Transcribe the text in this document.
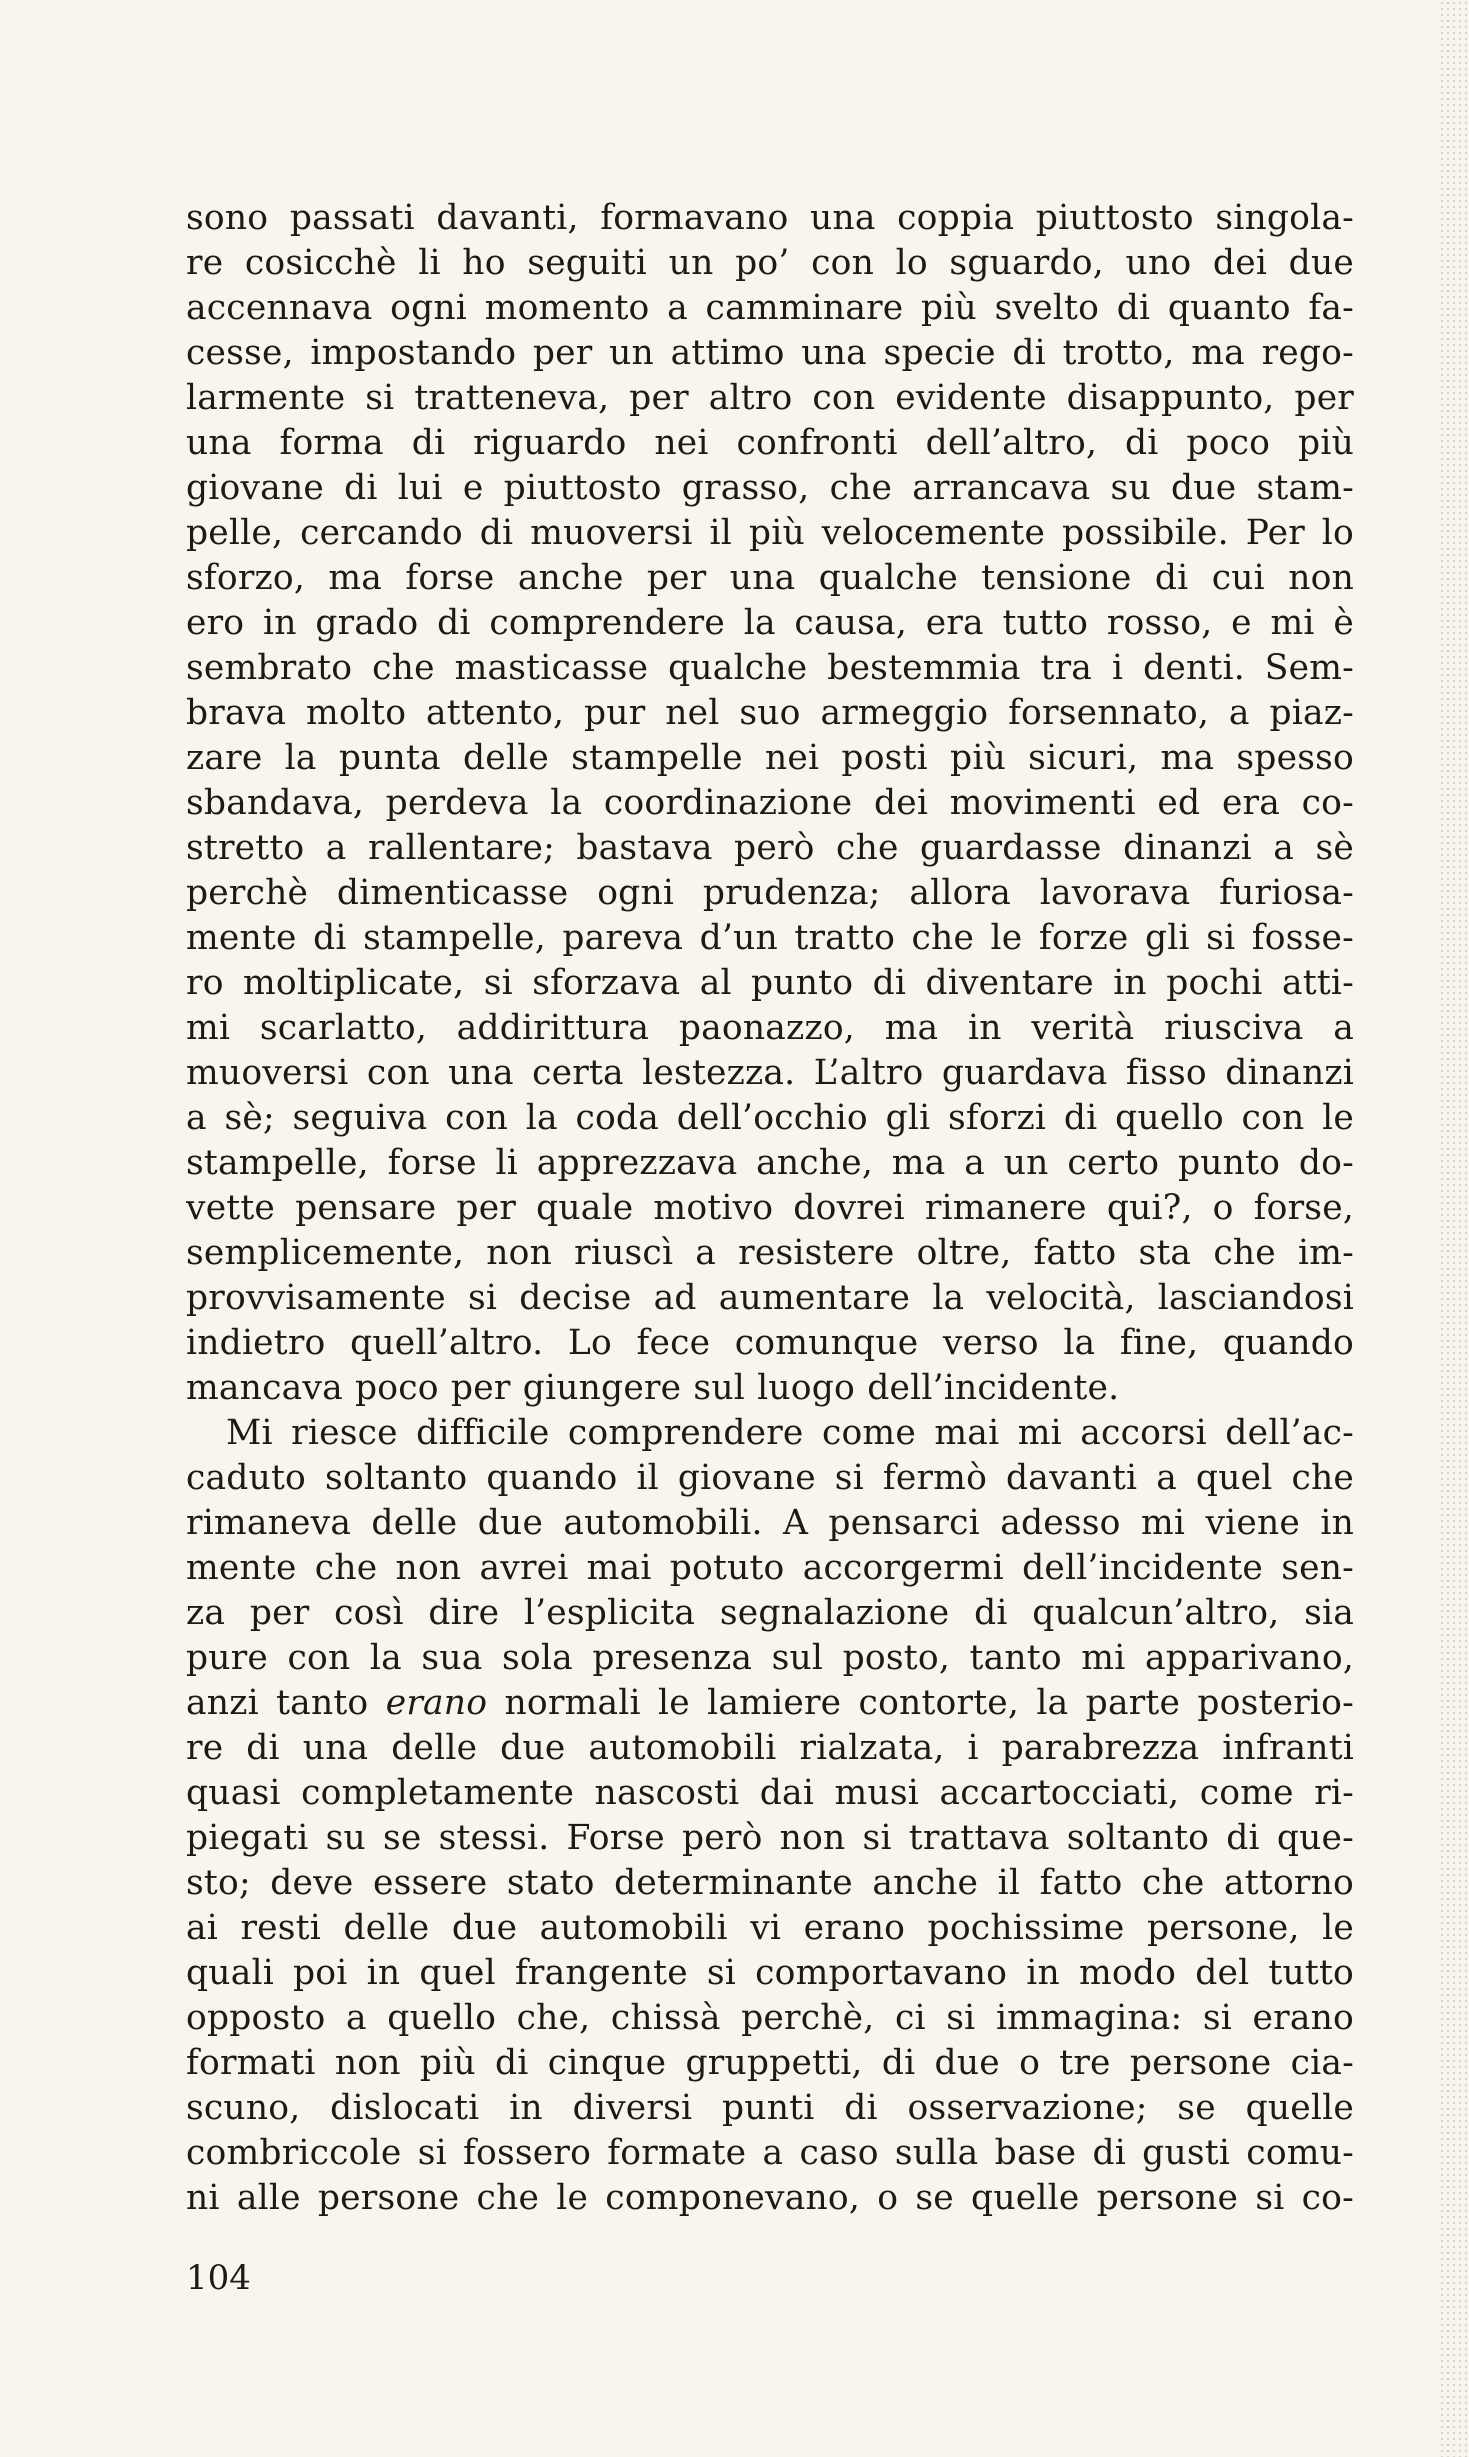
sono passati davanti, formavano una coppia piuttosto singola-
re cosicchè li ho seguiti un po’ con lo sguardo, uno dei due
accennava ogni momento a camminare più svelto di quanto fa-
cesse, impostando per un attimo una specie di trotto, ma rego-
larmente si tratteneva, per altro con evidente disappunto, per
una forma di riguardo nei confronti dell’altro, di poco più
giovane di lui e piuttosto grasso, che arrancava su due stam-
pelle, cercando di muoversi il più velocemente possibile. Per lo
sforzo, ma forse anche per una qualche tensione di cui non
ero in grado di comprendere la causa, era tutto rosso, e mi è
sembrato che masticasse qualche bestemmia tra i denti. Sem-
brava molto attento, pur nel suo armeggio forsennato, a piaz-
zare la punta delle stampelle nei posti più sicuri, ma spesso
sbandava, perdeva la coordinazione dei movimenti ed era co-
stretto a rallentare; bastava però che guardasse dinanzi a sè
perchè dimenticasse ogni prudenza; allora lavorava furiosa-
mente di stampelle, pareva d’un tratto che le forze gli si fosse-
ro moltiplicate, si sforzava al punto di diventare in pochi atti-
mi scarlatto, addirittura paonazzo, ma in verità riusciva a
muoversi con una certa lestezza. L’altro guardava fisso dinanzi
a sè; seguiva con la coda dell’occhio gli sforzi di quello con le
stampelle, forse li apprezzava anche, ma a un certo punto do-
vette pensare per quale motivo dovrei rimanere qui?, o forse,
semplicemente, non riuscì a resistere oltre, fatto sta che im-
provvisamente si decise ad aumentare la velocità, lasciandosi
indietro quell’altro. Lo fece comunque verso la fine, quando
mancava poco per giungere sul luogo dell’incidente.
Mi riesce difficile comprendere come mai mi accorsi dell’ac-
caduto soltanto quando il giovane si fermò davanti a quel che
rimaneva delle due automobili. A pensarci adesso mi viene in
mente che non avrei mai potuto accorgermi dell’incidente sen-
za per così dire l’esplicita segnalazione di qualcun’altro, sia
pure con la sua sola presenza sul posto, tanto mi apparivano,
anzi tanto erano normali le lamiere contorte, la parte posterio-
re di una delle due automobili rialzata, i parabrezza infranti
quasi completamente nascosti dai musi accartocciati, come ri-
piegati su se stessi. Forse però non si trattava soltanto di que-
sto; deve essere stato determinante anche il fatto che attorno
ai resti delle due automobili vi erano pochissime persone, le
quali poi in quel frangente si comportavano in modo del tutto
opposto a quello che, chissà perchè, ci si immagina: si erano
formati non più di cinque gruppetti, di due o tre persone cia-
scuno, dislocati in diversi punti di osservazione; se quelle
combriccole si fossero formate a caso sulla base di gusti comu-
ni alle persone che le componevano, o se quelle persone si co-
104
